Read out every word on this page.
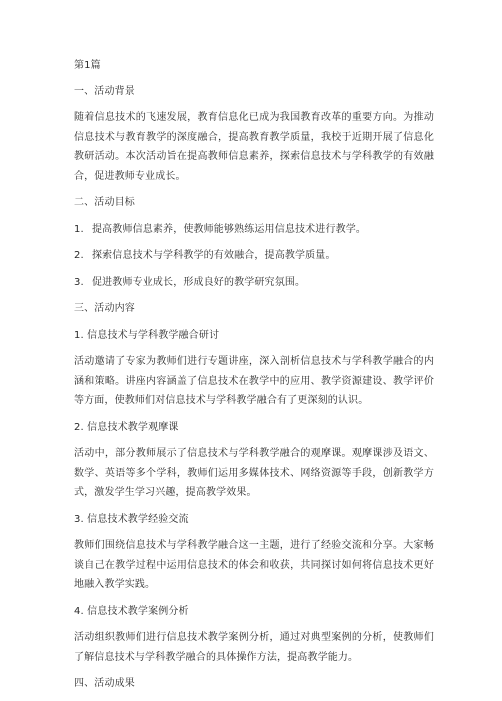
第1篇
一、活动背景
随着信息技术的飞速发展，教育信息化已成为我国教育改革的重要方向。为推动信息技术与教育教学的深度融合，提高教育教学质量，我校于近期开展了信息化教研活动。本次活动旨在提高教师信息素养，探索信息技术与学科教学的有效融合，促进教师专业成长。
二、活动目标
1. 提高教师信息素养，使教师能够熟练运用信息技术进行教学。
2. 探索信息技术与学科教学的有效融合，提高教学质量。
3. 促进教师专业成长，形成良好的教学研究氛围。
三、活动内容
1. 信息技术与学科教学融合研讨
活动邀请了专家为教师们进行专题讲座，深入剖析信息技术与学科教学融合的内涵和策略。讲座内容涵盖了信息技术在教学中的应用、教学资源建设、教学评价等方面，使教师们对信息技术与学科教学融合有了更深刻的认识。
2. 信息技术教学观摩课
活动中，部分教师展示了信息技术与学科教学融合的观摩课。观摩课涉及语文、数学、英语等多个学科，教师们运用多媒体技术、网络资源等手段，创新教学方式，激发学生学习兴趣，提高教学效果。
3. 信息技术教学经验交流
教师们围绕信息技术与学科教学融合这一主题，进行了经验交流和分享。大家畅谈自己在教学过程中运用信息技术的体会和收获，共同探讨如何将信息技术更好地融入教学实践。
4. 信息技术教学案例分析
活动组织教师们进行信息技术教学案例分析，通过对典型案例的分析，使教师们了解信息技术与学科教学融合的具体操作方法，提高教学能力。
四、活动成果
